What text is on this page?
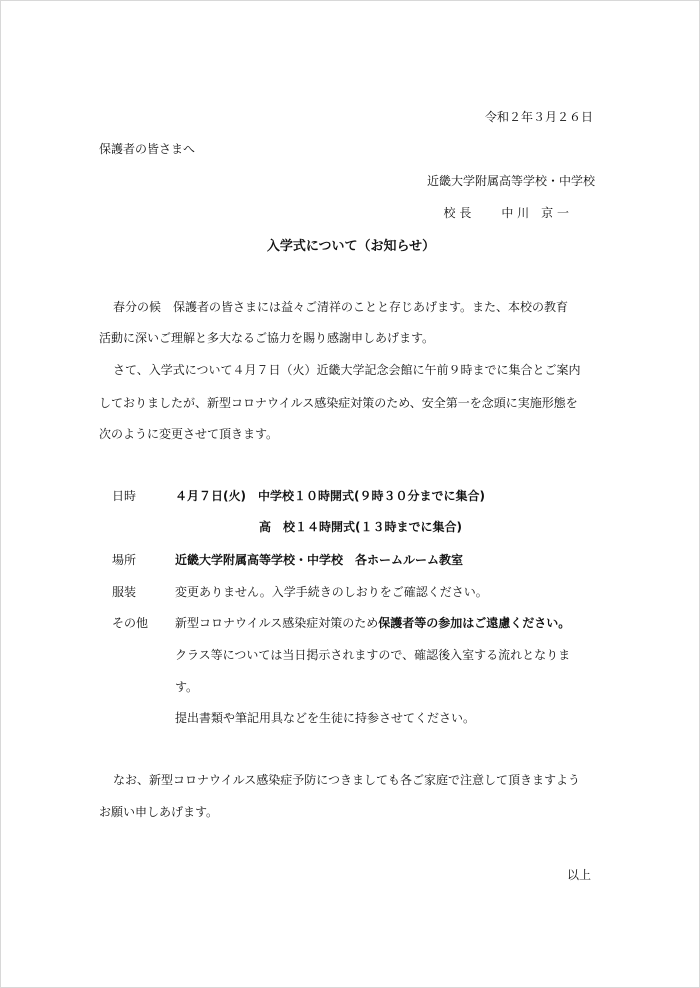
令和２年３月２６日
保護者の皆さまへ
近畿大学附属高等学校・中学校
校 長	中 川　京 一
入学式について（お知らせ）
春分の候　保護者の皆さまには益々ご清祥のことと存じあげます。また、本校の教育
活動に深いご理解と多大なるご協力を賜り感謝申しあげます。
さて、入学式について４月７日（火）近畿大学記念会館に午前９時までに集合とご案内
しておりましたが、新型コロナウイルス感染症対策のため、安全第一を念頭に実施形態を
次のように変更させて頂きます。
日時	４月７日(火)　中学校１０時開式(９時３０分までに集合)
高　校１４時開式(１３時までに集合)
場所	近畿大学附属高等学校・中学校　各ホームルーム教室
服装	変更ありません。入学手続きのしおりをご確認ください。
その他 新型コロナウイルス感染症対策のため保護者等の参加はご遠慮ください。
クラス等については当日掲示されますので、確認後入室する流れとなりま
す。
提出書類や筆記用具などを生徒に持参させてください。
なお、新型コロナウイルス感染症予防につきましても各ご家庭で注意して頂きますよう
お願い申しあげます。
以上
